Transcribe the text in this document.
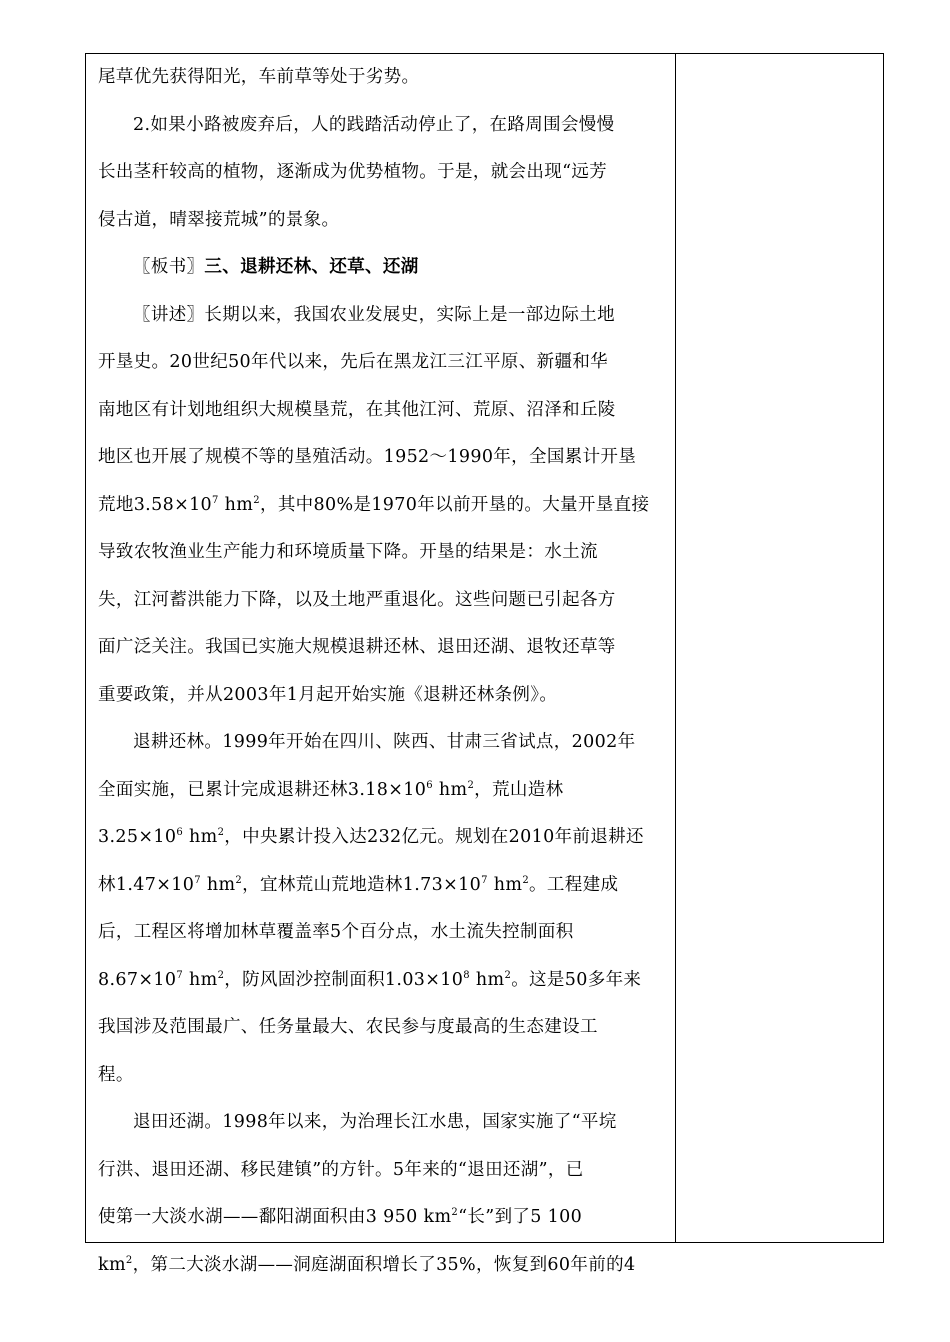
尾草优先获得阳光，车前草等处于劣势。
2.如果小路被废弃后，人的践踏活动停止了，在路周围会慢慢
长出茎秆较高的植物，逐渐成为优势植物。于是，就会出现“远芳
侵古道，晴翠接荒城”的景象。
〖板书〗三、退耕还林、还草、还湖
〖讲述〗长期以来，我国农业发展史，实际上是一部边际土地
开垦史。20世纪50年代以来，先后在黑龙江三江平原、新疆和华
南地区有计划地组织大规模垦荒，在其他江河、荒原、沼泽和丘陵
地区也开展了规模不等的垦殖活动。1952～1990年，全国累计开垦
荒地$3.58\times 10^7$ $hm^2$，其中80%是1970年以前开垦的。大量开垦直接
导致农牧渔业生产能力和环境质量下降。开垦的结果是：水土流
失，江河蓄洪能力下降，以及土地严重退化。这些问题已引起各方
面广泛关注。我国已实施大规模退耕还林、退田还湖、退牧还草等
重要政策，并从2003年1月起开始实施《退耕还林条例》。
退耕还林。1999年开始在四川、陕西、甘肃三省试点，2002年
全面实施，已累计完成退耕还林$3.18\times 10^6$ $hm^2$，荒山造林
$3.25\times 10^6$ $hm^2$，中央累计投入达232亿元。规划在2010年前退耕还
林$1.47\times 10^7$ $hm^2$，宜林荒山荒地造林$1.73\times 10^7$ $hm^2$。工程建成
后，工程区将增加林草覆盖率5个百分点，水土流失控制面积
$8.67\times 10^7$ $hm^2$，防风固沙控制面积$1.03\times 10^8$ $hm^2$。这是50多年来
我国涉及范围最广、任务量最大、农民参与度最高的生态建设工
程。
退田还湖。1998年以来，为治理长江水患，国家实施了“平垸
行洪、退田还湖、移民建镇”的方针。5年来的“退田还湖”，已
使第一大淡水湖——鄱阳湖面积由3 950 $km^2“$长”到了5 100
$km^2$，第二大淡水湖——洞庭湖面积增长了35%，恢复到60年前的4
